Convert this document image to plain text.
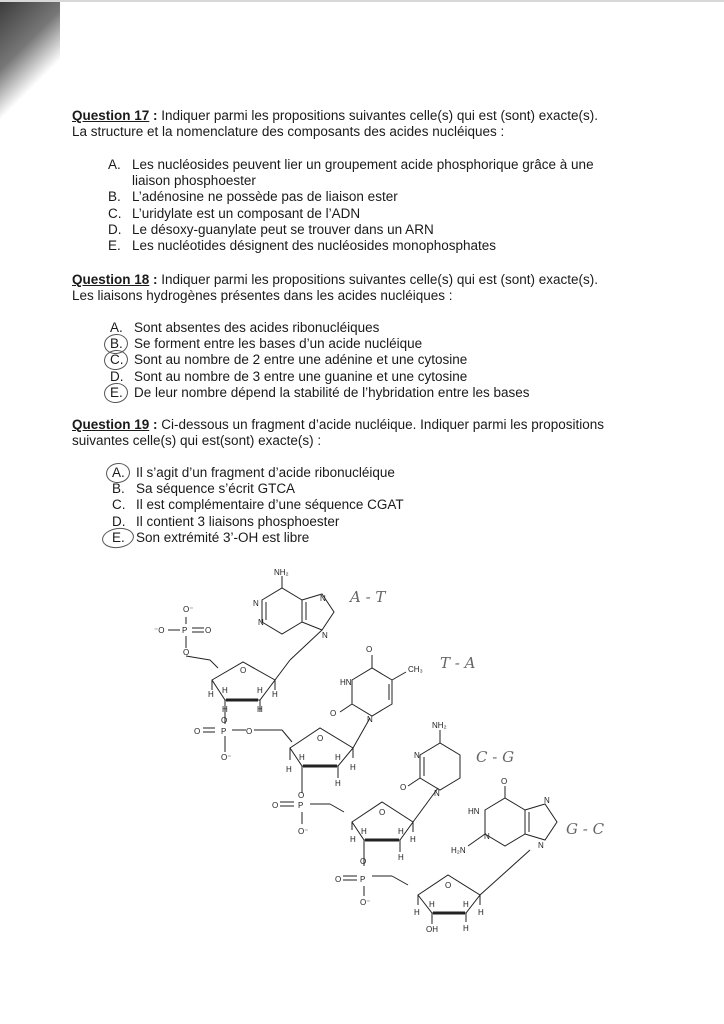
Question 17 : Indiquer parmi les propositions suivantes celle(s) qui est (sont) exacte(s).
La structure et la nomenclature des composants des acides nucléiques :
A. Les nucléosides peuvent lier un groupement acide phosphorique grâce à une
liaison phosphoester
B. L’adénosine ne possède pas de liaison ester
C. L’uridylate est un composant de l’ADN
D. Le désoxy-guanylate peut se trouver dans un ARN
E. Les nucléotides désignent des nucléosides monophosphates
Question 18 : Indiquer parmi les propositions suivantes celle(s) qui est (sont) exacte(s).
Les liaisons hydrogènes présentes dans les acides nucléiques :
A. Sont absentes des acides ribonucléiques
B. Se forment entre les bases d’un acide nucléique
C. Sont au nombre de 2 entre une adénine et une cytosine
D. Sont au nombre de 3 entre une guanine et une cytosine
E. De leur nombre dépend la stabilité de l’hybridation entre les bases
Question 19 : Ci-dessous un fragment d’acide nucléique. Indiquer parmi les propositions
suivantes celle(s) qui est(sont) exacte(s) :
A. Il s’agit d’un fragment d’acide ribonucléique
B. Sa séquence s’écrit GTCA
C. Il est complémentaire d’une séquence CGAT
D. Il contient 3 liaisons phosphoester
E. Son extrémité 3’-OH est libre
NH₂
N
N
N
N
O⁻
⁻O P O
O
O
H H	H H
H	H
O
O	P O
O⁻
O
HN
CH₃
O
N
O
H
H	H
H
H
O
O P
O⁻
NH₂
N
O
N
O
H
H	H
H
H
O
O P
O⁻
O
HN
N
N
H₂N
N
O
H
H	H
H
H
OH
A - T
T - A
C - G
G - C
